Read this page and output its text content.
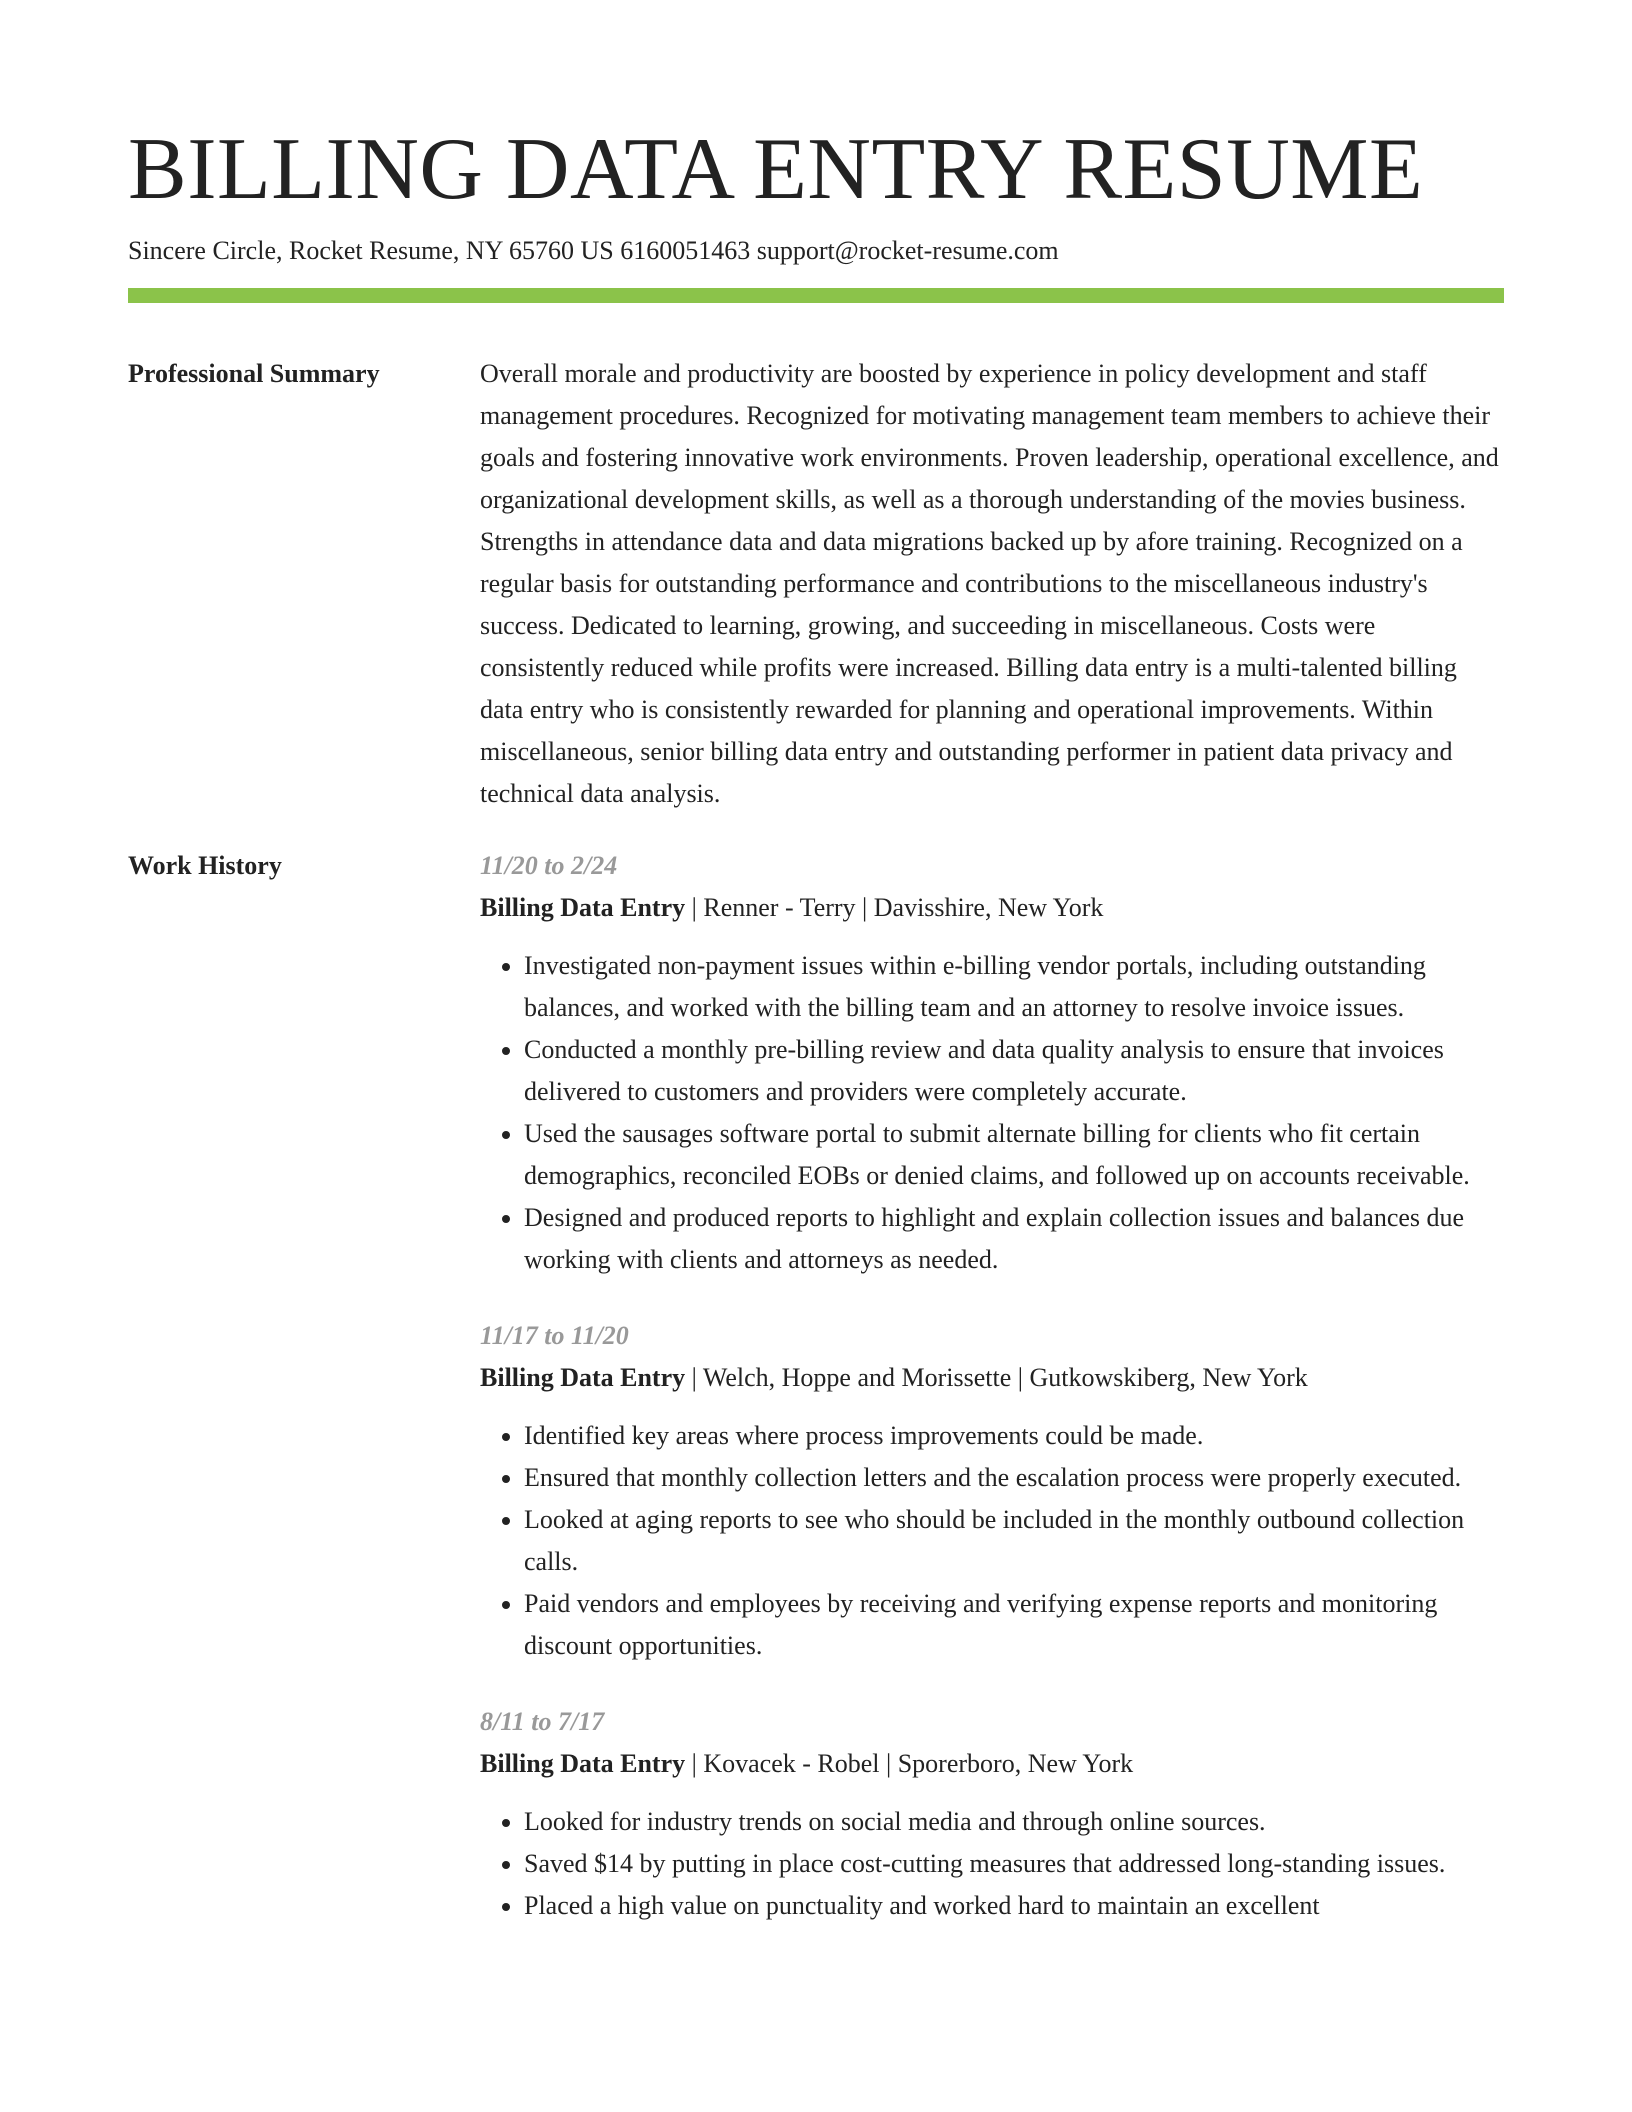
BILLING DATA ENTRY RESUME
Sincere Circle, Rocket Resume, NY 65760 US 6160051463 support@rocket-resume.com
Professional Summary	Overall morale and productivity are boosted by experience in policy development and staff management procedures. Recognized for motivating management team members to achieve their goals and fostering innovative work environments. Proven leadership, operational excellence, and organizational development skills, as well as a thorough understanding of the movies business. Strengths in attendance data and data migrations backed up by afore training. Recognized on a regular basis for outstanding performance and contributions to the miscellaneous industry's success. Dedicated to learning, growing, and succeeding in miscellaneous. Costs were consistently reduced while profits were increased. Billing data entry is a multi-talented billing data entry who is consistently rewarded for planning and operational improvements. Within miscellaneous, senior billing data entry and outstanding performer in patient data privacy and technical data analysis.

Work History	11/20 to 2/24
Billing Data Entry | Renner - Terry | Davisshire, New York
• Investigated non-payment issues within e-billing vendor portals, including outstanding balances, and worked with the billing team and an attorney to resolve invoice issues.
• Conducted a monthly pre-billing review and data quality analysis to ensure that invoices delivered to customers and providers were completely accurate.
• Used the sausages software portal to submit alternate billing for clients who fit certain demographics, reconciled EOBs or denied claims, and followed up on accounts receivable.
• Designed and produced reports to highlight and explain collection issues and balances due working with clients and attorneys as needed.
11/17 to 11/20
Billing Data Entry | Welch, Hoppe and Morissette | Gutkowskiberg, New York
• Identified key areas where process improvements could be made.
• Ensured that monthly collection letters and the escalation process were properly executed.
• Looked at aging reports to see who should be included in the monthly outbound collection calls.
• Paid vendors and employees by receiving and verifying expense reports and monitoring discount opportunities.
8/11 to 7/17
Billing Data Entry | Kovacek - Robel | Sporerboro, New York
• Looked for industry trends on social media and through online sources.
• Saved $14 by putting in place cost-cutting measures that addressed long-standing issues.
• Placed a high value on punctuality and worked hard to maintain an excellent
